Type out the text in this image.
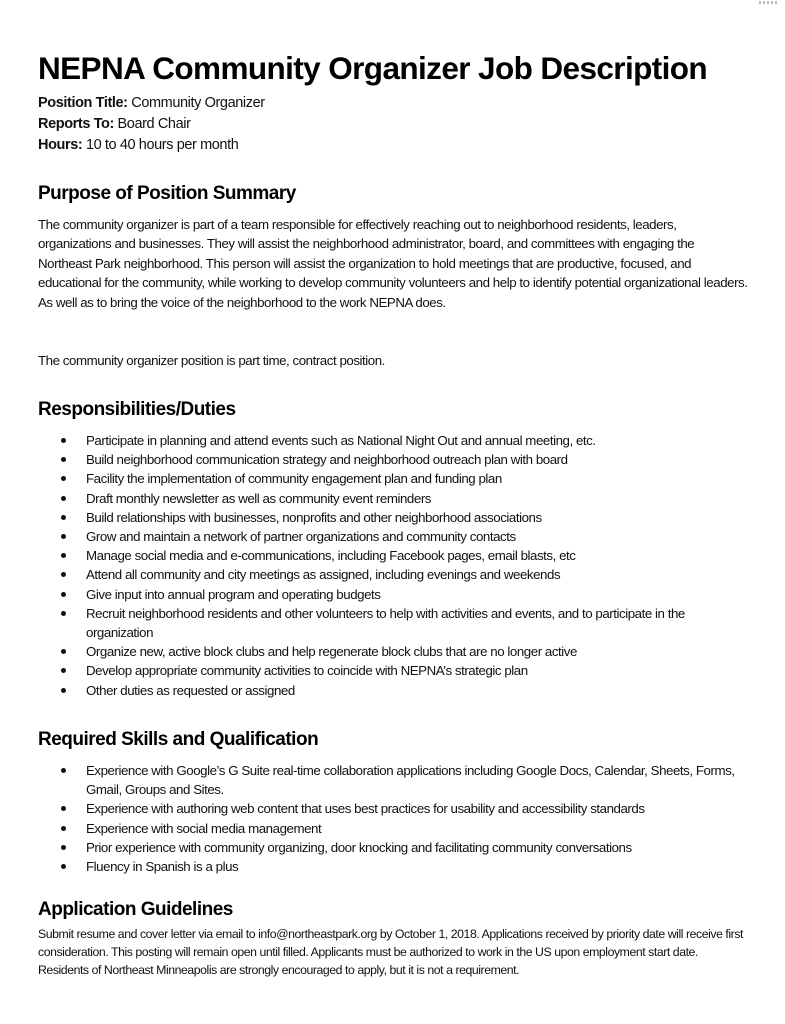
NEPNA Community Organizer Job Description
Position Title: Community Organizer
Reports To: Board Chair
Hours: 10 to 40 hours per month
Purpose of Position Summary

The community organizer is part of a team responsible for effectively reaching out to neighborhood residents, leaders, organizations and businesses. They will assist the neighborhood administrator, board, and committees with engaging the Northeast Park neighborhood. This person will assist the organization to hold meetings that are productive, focused, and educational for the community, while working to develop community volunteers and help to identify potential organizational leaders. As well as to bring the voice of the neighborhood to the work NEPNA does.

The community organizer position is part time, contract position.

Responsibilities/Duties
Participate in planning and attend events such as National Night Out and annual meeting, etc.
Build neighborhood communication strategy and neighborhood outreach plan with board
Facility the implementation of community engagement plan and funding plan
Draft monthly newsletter as well as community event reminders
Build relationships with businesses, nonprofits and other neighborhood associations
Grow and maintain a network of partner organizations and community contacts
Manage social media and e-communications, including Facebook pages, email blasts, etc
Attend all community and city meetings as assigned, including evenings and weekends
Give input into annual program and operating budgets
Recruit neighborhood residents and other volunteers to help with activities and events, and to participate in the organization
Organize new, active block clubs and help regenerate block clubs that are no longer active
Develop appropriate community activities to coincide with NEPNA’s strategic plan
Other duties as requested or assigned
Required Skills and Qualification
Experience with Google’s G Suite real-time collaboration applications including Google Docs, Calendar, Sheets, Forms, Gmail, Groups and Sites.
Experience with authoring web content that uses best practices for usability and accessibility standards
Experience with social media management
Prior experience with community organizing, door knocking and facilitating community conversations
Fluency in Spanish is a plus
Application Guidelines

Submit resume and cover letter via email to info@northeastpark.org by October 1, 2018. Applications received by priority date will receive first consideration. This posting will remain open until filled. Applicants must be authorized to work in the US upon employment start date. Residents of Northeast Minneapolis are strongly encouraged to apply, but it is not a requirement.
